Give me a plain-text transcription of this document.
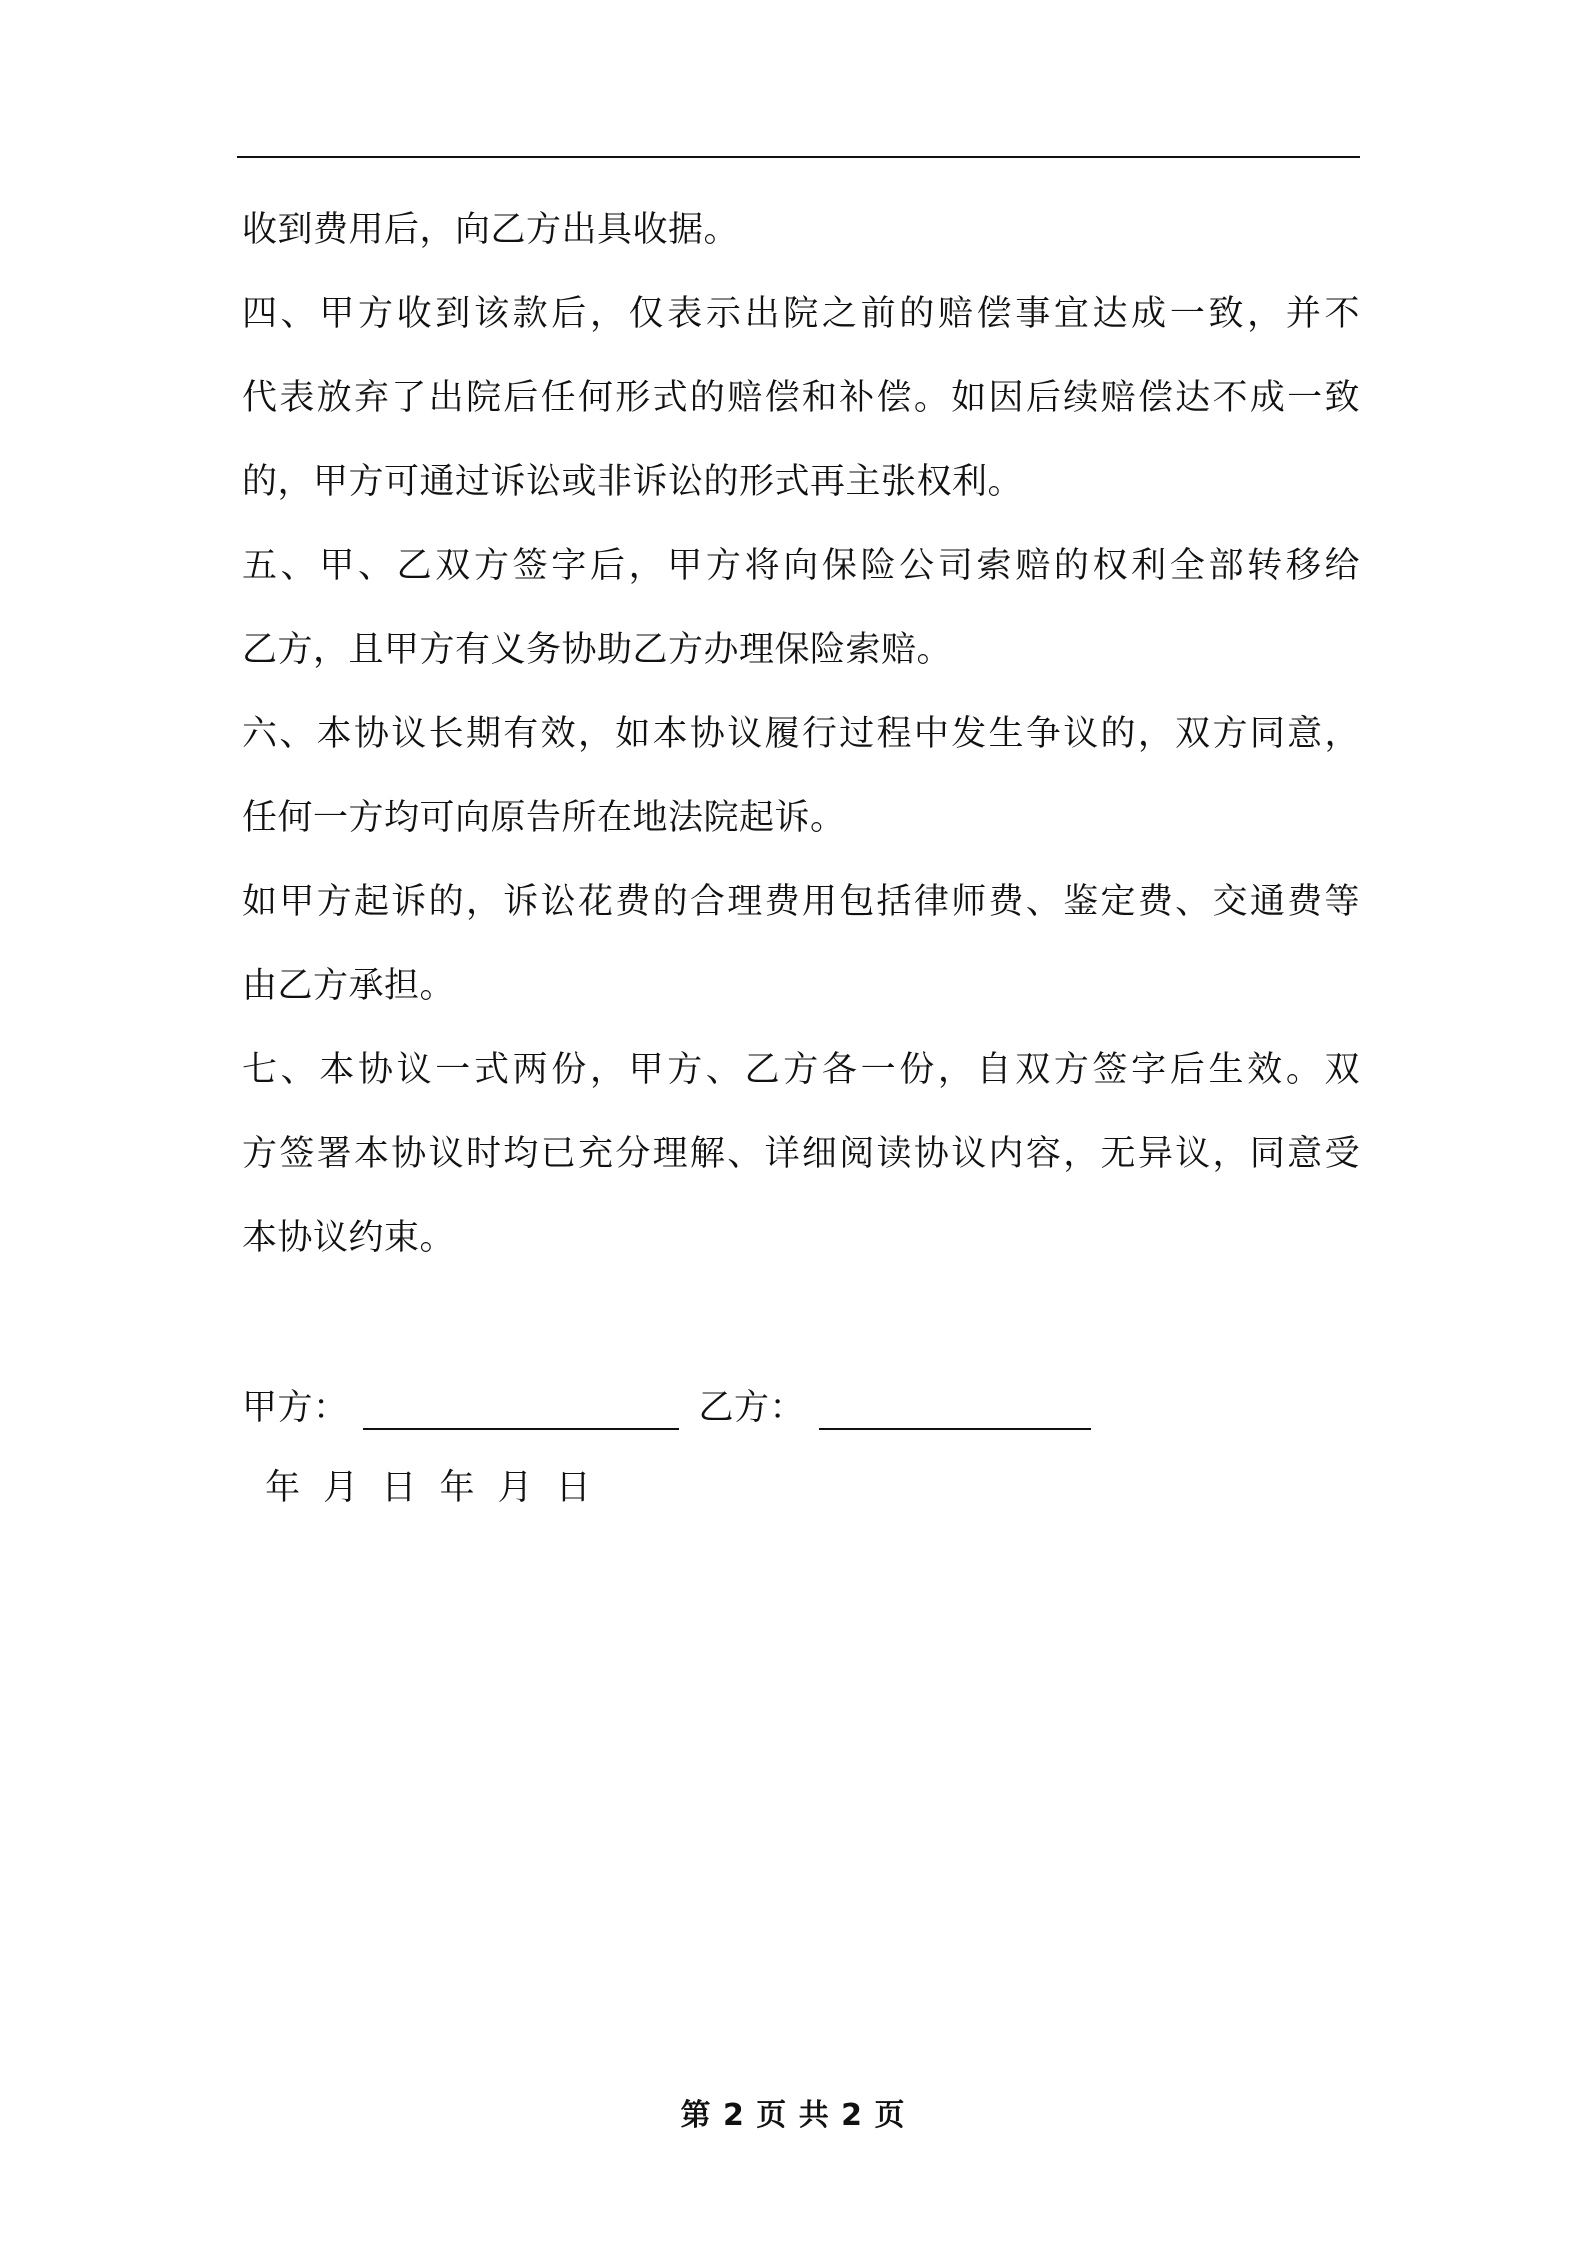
收到费用后，向乙方出具收据。
四、甲方收到该款后，仅表示出院之前的赔偿事宜达成一致，并不
代表放弃了出院后任何形式的赔偿和补偿。如因后续赔偿达不成一致
的，甲方可通过诉讼或非诉讼的形式再主张权利。
五、甲、乙双方签字后，甲方将向保险公司索赔的权利全部转移给
乙方，且甲方有义务协助乙方办理保险索赔。
六、本协议长期有效，如本协议履行过程中发生争议的，双方同意，
任何一方均可向原告所在地法院起诉。
如甲方起诉的，诉讼花费的合理费用包括律师费、鉴定费、交通费等
由乙方承担。
七、本协议一式两份，甲方、乙方各一份，自双方签字后生效。双
方签署本协议时均已充分理解、详细阅读协议内容，无异议，同意受
本协议约束。
甲方：	乙方：
年 月 日 年 月 日
第 2 页 共 2 页
